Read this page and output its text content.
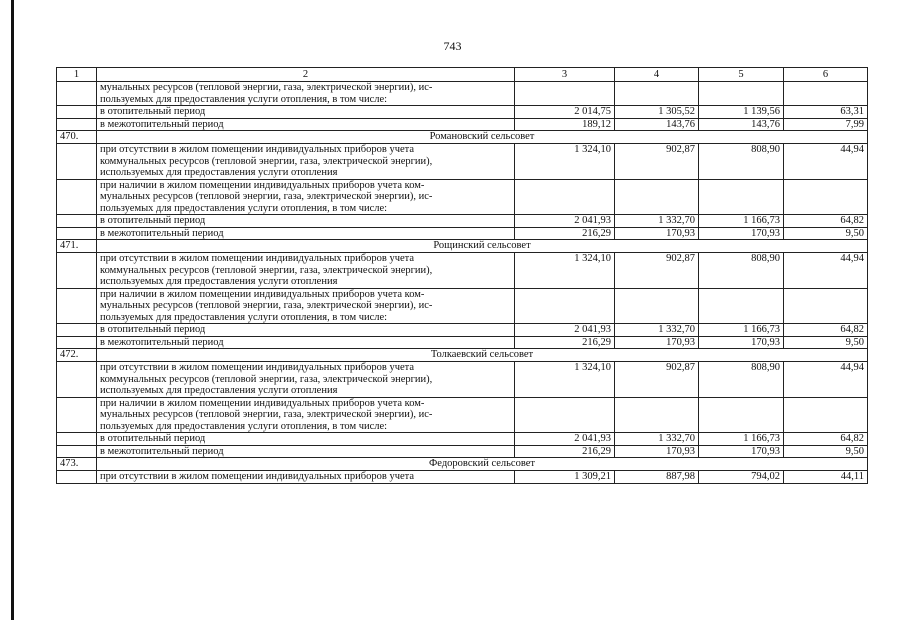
743
1	2	3	4	5	6

	мунальных ресурсов (тепловой энергии, газа, электрической энергии), ис-
пользуемых для предоставления услуги отопления, в том числе:				

	в отопительный период	2 014,75	1 305,52	1 139,56	63,31

	в межотопительный период	189,12	143,76	143,76	7,99
470.	Романовский сельсовет				

	при отсутствии в жилом помещении индивидуальных приборов учета
коммунальных ресурсов (тепловой энергии, газа, электрической энергии),
используемых для предоставления услуги отопления	1 324,10	902,87	808,90	44,94

	при наличии в жилом помещении индивидуальных приборов учета ком-
мунальных ресурсов (тепловой энергии, газа, электрической энергии), ис-
пользуемых для предоставления услуги отопления, в том числе:				

	в отопительный период	2 041,93	1 332,70	1 166,73	64,82

	в межотопительный период	216,29	170,93	170,93	9,50
471.	Рощинский сельсовет				

	при отсутствии в жилом помещении индивидуальных приборов учета
коммунальных ресурсов (тепловой энергии, газа, электрической энергии),
используемых для предоставления услуги отопления	1 324,10	902,87	808,90	44,94

	при наличии в жилом помещении индивидуальных приборов учета ком-
мунальных ресурсов (тепловой энергии, газа, электрической энергии), ис-
пользуемых для предоставления услуги отопления, в том числе:				

	в отопительный период	2 041,93	1 332,70	1 166,73	64,82

	в межотопительный период	216,29	170,93	170,93	9,50
472.	Толкаевский сельсовет				

	при отсутствии в жилом помещении индивидуальных приборов учета
коммунальных ресурсов (тепловой энергии, газа, электрической энергии),
используемых для предоставления услуги отопления	1 324,10	902,87	808,90	44,94

	при наличии в жилом помещении индивидуальных приборов учета ком-
мунальных ресурсов (тепловой энергии, газа, электрической энергии), ис-
пользуемых для предоставления услуги отопления, в том числе:				

	в отопительный период	2 041,93	1 332,70	1 166,73	64,82

	в межотопительный период	216,29	170,93	170,93	9,50
473.	Федоровский сельсовет				

	при отсутствии в жилом помещении индивидуальных приборов учета	1 309,21	887,98	794,02	44,11
